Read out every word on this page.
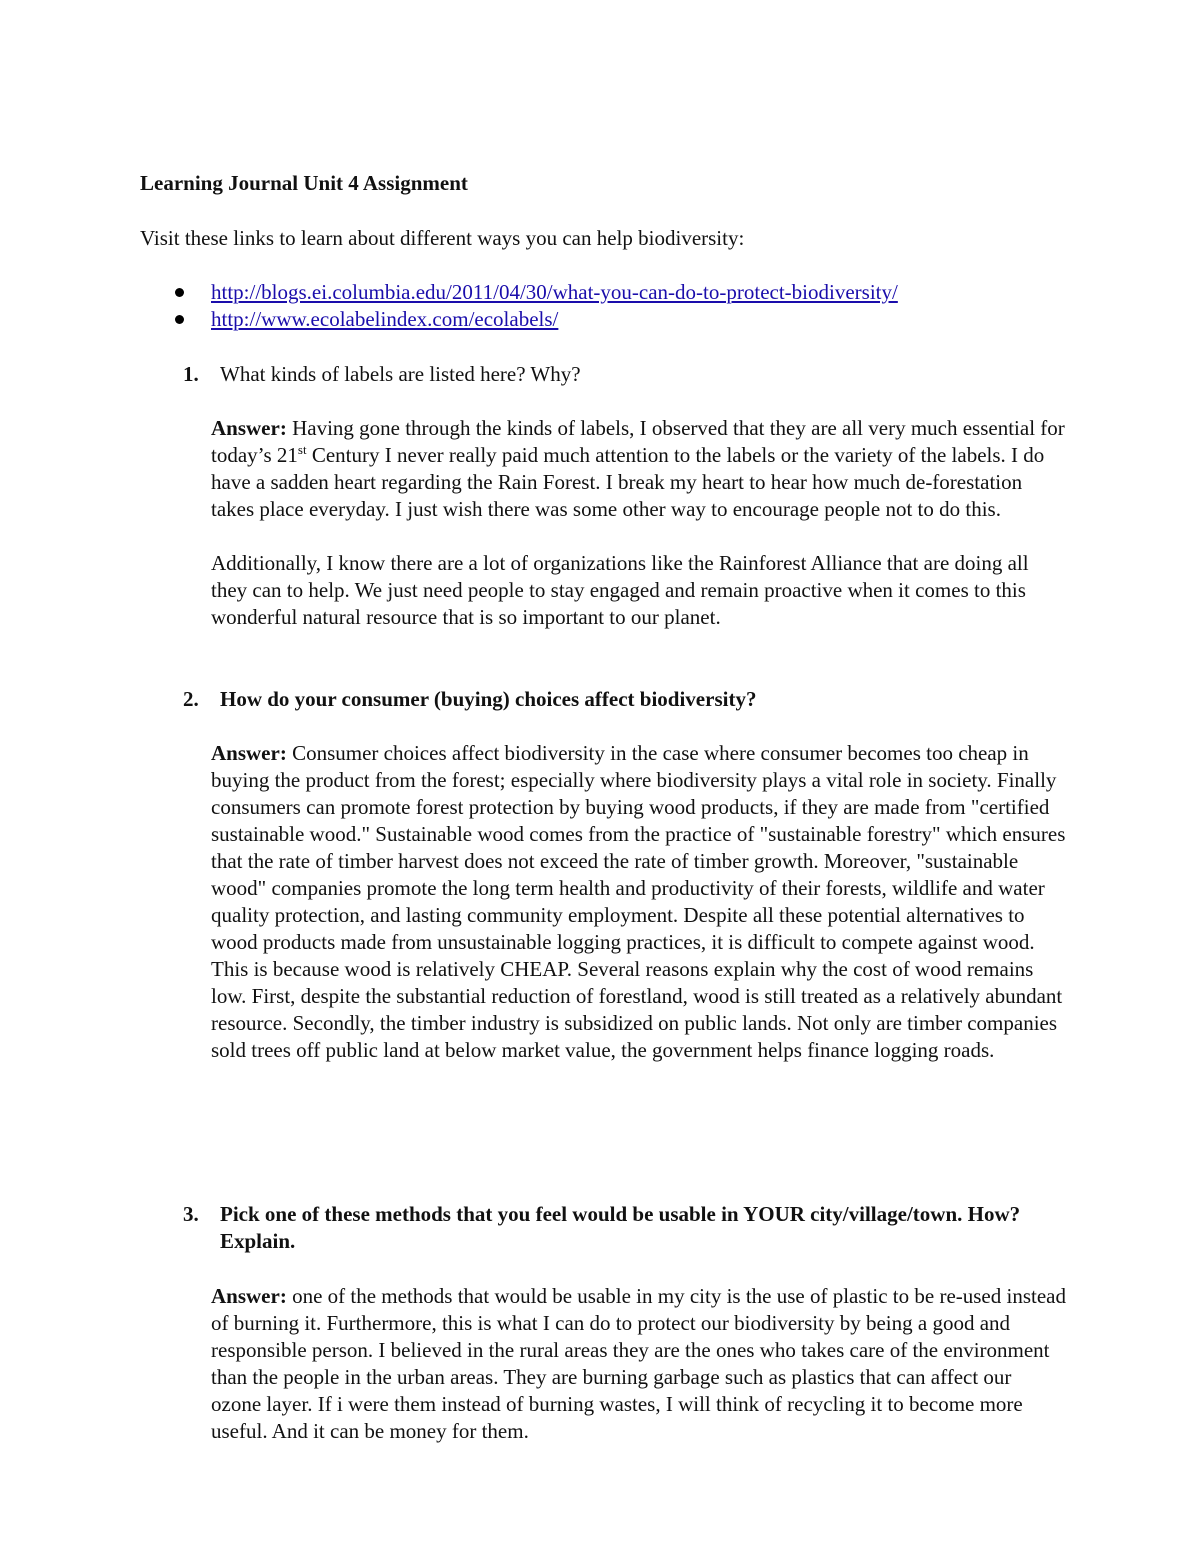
Learning Journal Unit 4 Assignment
Visit these links to learn about different ways you can help biodiversity:
http://blogs.ei.columbia.edu/2011/04/30/what-you-can-do-to-protect-biodiversity/
http://www.ecolabelindex.com/ecolabels/
1. What kinds of labels are listed here? Why?

Answer: Having gone through the kinds of labels, I observed that they are all very much essential for today’s 21st Century I never really paid much attention to the labels or the variety of the labels. I do have a sadden heart regarding the Rain Forest. I break my heart to hear how much de-forestation takes place everyday. I just wish there was some other way to encourage people not to do this.

Additionally, I know there are a lot of organizations like the Rainforest Alliance that are doing all they can to help. We just need people to stay engaged and remain proactive when it comes to this wonderful natural resource that is so important to our planet.

2. How do your consumer (buying) choices affect biodiversity?

Answer: Consumer choices affect biodiversity in the case where consumer becomes too cheap in buying the product from the forest; especially where biodiversity plays a vital role in society. Finally consumers can promote forest protection by buying wood products, if they are made from "certified sustainable wood." Sustainable wood comes from the practice of "sustainable forestry" which ensures that the rate of timber harvest does not exceed the rate of timber growth. Moreover, "sustainable wood" companies promote the long term health and productivity of their forests, wildlife and water quality protection, and lasting community employment. Despite all these potential alternatives to wood products made from unsustainable logging practices, it is difficult to compete against wood. This is because wood is relatively CHEAP. Several reasons explain why the cost of wood remains low. First, despite the substantial reduction of forestland, wood is still treated as a relatively abundant resource. Secondly, the timber industry is subsidized on public lands. Not only are timber companies sold trees off public land at below market value, the government helps finance logging roads.

3. Pick one of these methods that you feel would be usable in YOUR city/village/town. How? Explain.

Answer: one of the methods that would be usable in my city is the use of plastic to be re-used instead of burning it. Furthermore, this is what I can do to protect our biodiversity by being a good and responsible person. I believed in the rural areas they are the ones who takes care of the environment than the people in the urban areas. They are burning garbage such as plastics that can affect our ozone layer. If i were them instead of burning wastes, I will think of recycling it to become more useful. And it can be money for them.
